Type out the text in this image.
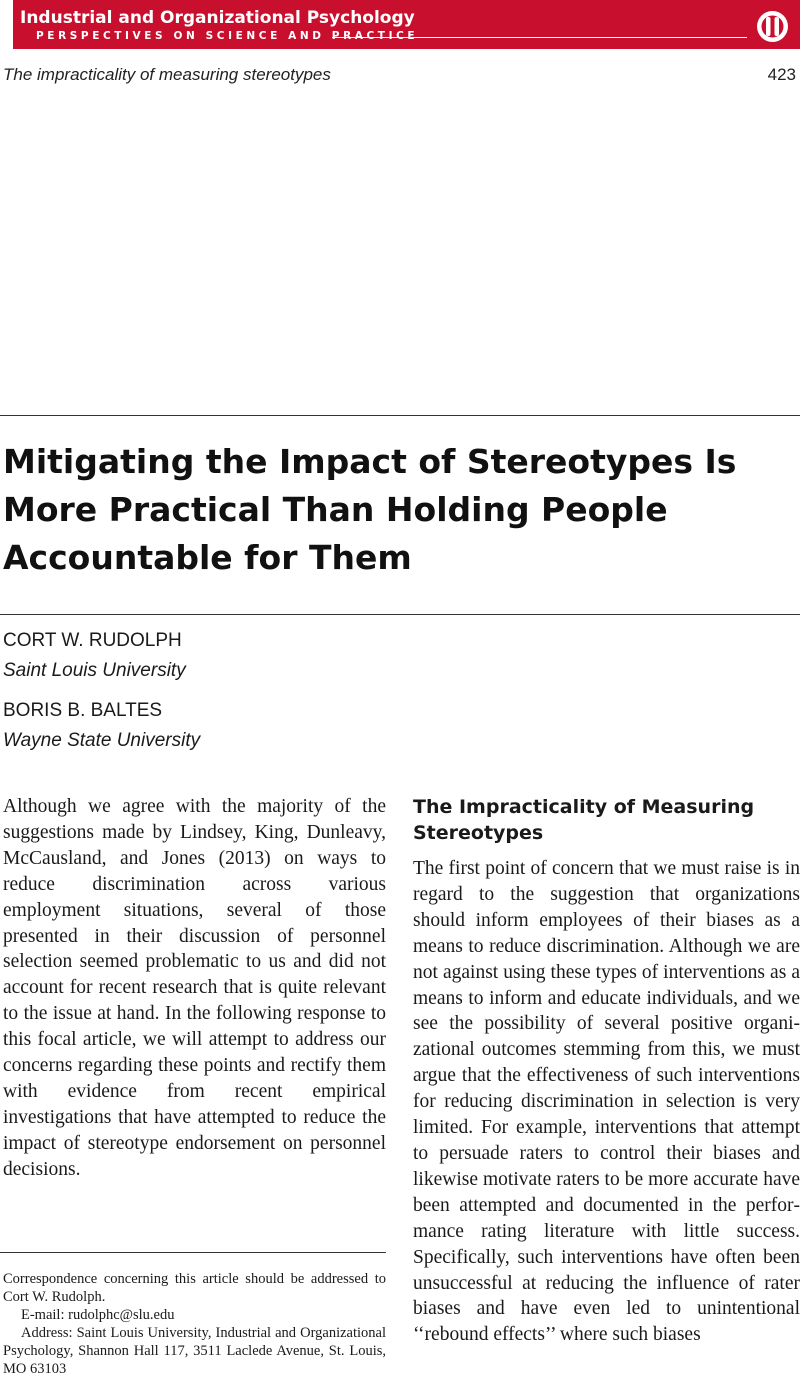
Industrial and Organizational Psychology

PERSPECTIVES ON SCIENCE AND PRACTICE

The impracticality of measuring stereotypes	423

Mitigating the Impact of Stereotypes Is More Practical Than Holding People Accountable for Them

CORT W. RUDOLPH

Saint Louis University

BORIS B. BALTES

Wayne State University

Although we agree with the majority of the suggestions made by Lindsey, King, Dunleavy, McCausland, and Jones (2013) on ways to reduce discrimination across various employment situations, several of those presented in their discussion of personnel selection seemed problematic to us and did not account for recent research that is quite relevant to the issue at hand. In the following response to this focal article, we will attempt to address our concerns regarding these points and rectify them with evidence from recent empirical investigations that have attempted to reduce the impact of stereotype endorsement on personnel decisions.

The Impracticality of Measuring Stereotypes

The first point of concern that we must raise is in regard to the suggestion that organizations should inform employees of their biases as a means to reduce discrimination. Although we are not against using these types of interventions as a means to inform and educate individuals, and we see the possibility of several positive organizational outcomes stemming from this, we must argue that the effectiveness of such interventions for reducing discrimination in selection is very limited. For example, interventions that attempt to persuade raters to control their biases and likewise motivate raters to be more accurate have been attempted and documented in the performance rating literature with little success. Specifically, such interventions have often been unsuccessful at reducing the influence of rater biases and have even led to unintentional ‘‘rebound effects’’ where such biases

Correspondence concerning this article should be addressed to Cort W. Rudolph.

E-mail: rudolphc@slu.edu

Address: Saint Louis University, Industrial and Organizational Psychology, Shannon Hall 117, 3511 Laclede Avenue, St. Louis, MO 63103
